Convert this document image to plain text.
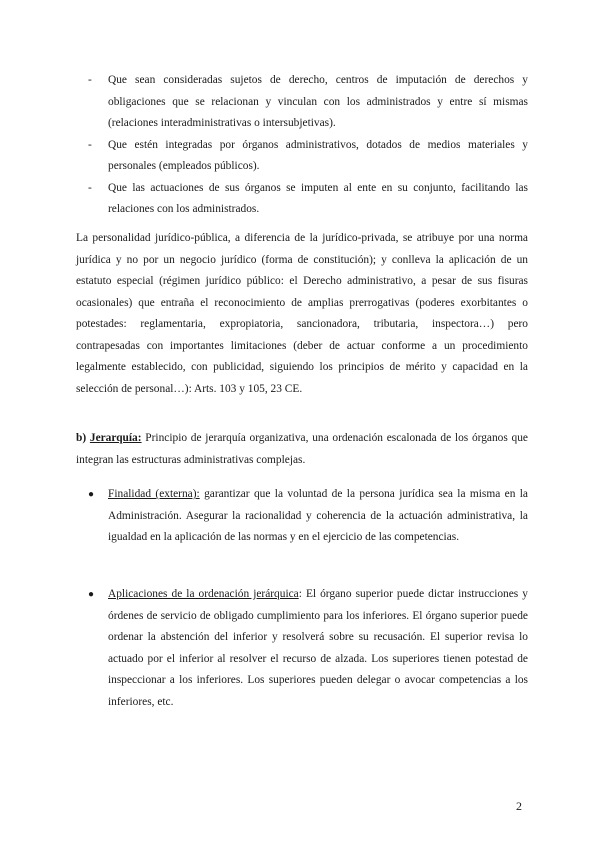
- Que sean consideradas sujetos de derecho, centros de imputación de derechos y obligaciones que se relacionan y vinculan con los administrados y entre sí mismas (relaciones interadministrativas o intersubjetivas).
- Que estén integradas por órganos administrativos, dotados de medios materiales y personales (empleados públicos).
- Que las actuaciones de sus órganos se imputen al ente en su conjunto, facilitando las relaciones con los administrados.

La personalidad jurídico-pública, a diferencia de la jurídico-privada, se atribuye por una norma jurídica y no por un negocio jurídico (forma de constitución); y conlleva la aplicación de un estatuto especial (régimen jurídico público: el Derecho administrativo, a pesar de sus fisuras ocasionales) que entraña el reconocimiento de amplias prerrogativas (poderes exorbitantes o potestades: reglamentaria, expropiatoria, sancionadora, tributaria, inspectora…) pero contrapesadas con importantes limitaciones (deber de actuar conforme a un procedimiento legalmente establecido, con publicidad, siguiendo los principios de mérito y capacidad en la selección de personal…): Arts. 103 y 105, 23 CE.

b) Jerarquía: Principio de jerarquía organizativa, una ordenación escalonada de los órganos que integran las estructuras administrativas complejas.

● Finalidad (externa): garantizar que la voluntad de la persona jurídica sea la misma en la Administración. Asegurar la racionalidad y coherencia de la actuación administrativa, la igualdad en la aplicación de las normas y en el ejercicio de las competencias.
● Aplicaciones de la ordenación jerárquica: El órgano superior puede dictar instrucciones y órdenes de servicio de obligado cumplimiento para los inferiores. El órgano superior puede ordenar la abstención del inferior y resolverá sobre su recusación. El superior revisa lo actuado por el inferior al resolver el recurso de alzada. Los superiores tienen potestad de inspeccionar a los inferiores. Los superiores pueden delegar o avocar competencias a los inferiores, etc.
2
